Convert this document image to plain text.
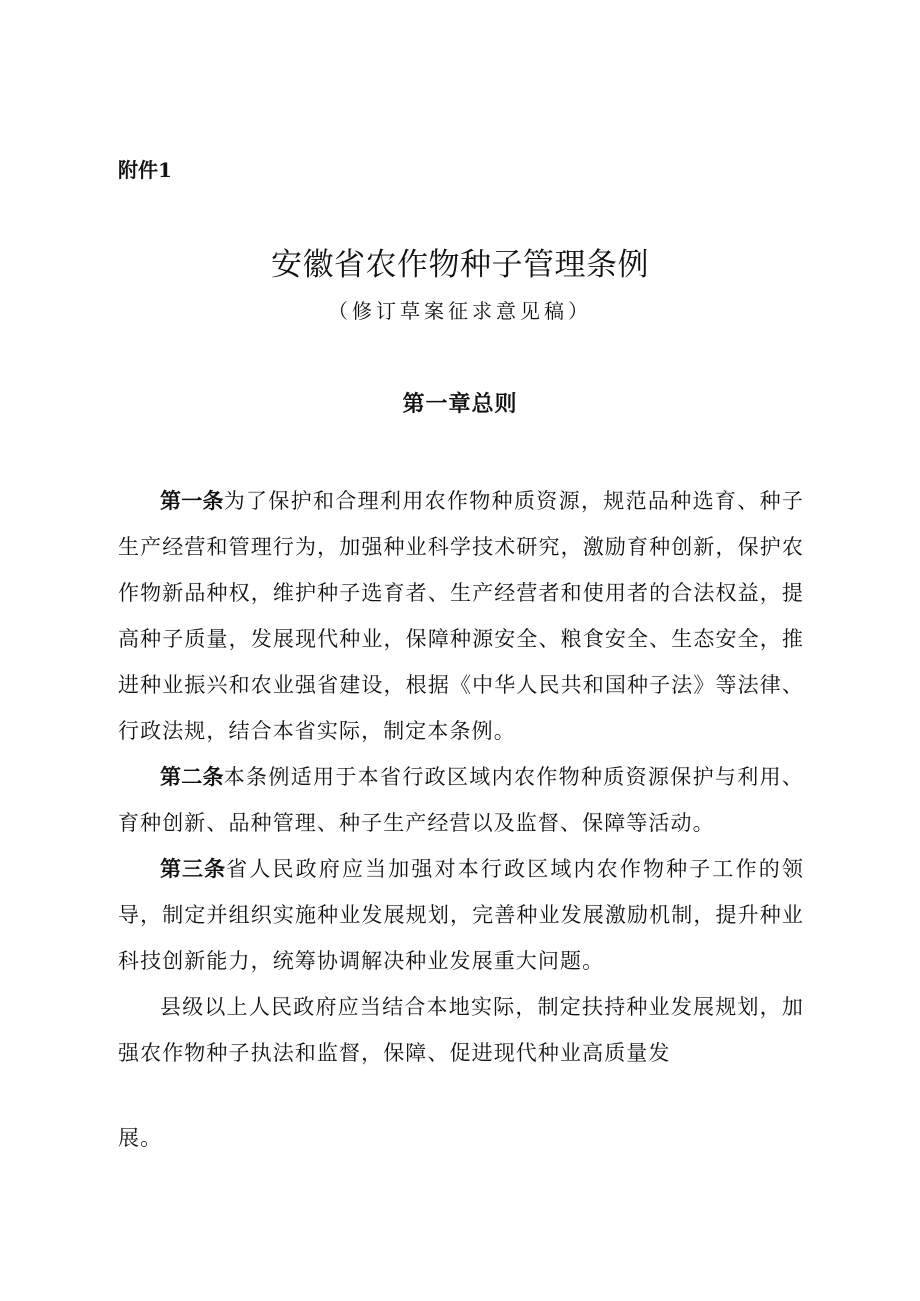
附件1
安徽省农作物种子管理条例
（修订草案征求意见稿）
第一章总则

第一条为了保护和合理利用农作物种质资源，规范品种选育、种子生产经营和管理行为，加强种业科学技术研究，激励育种创新，保护农作物新品种权，维护种子选育者、生产经营者和使用者的合法权益，提高种子质量，发展现代种业，保障种源安全、粮食安全、生态安全，推进种业振兴和农业强省建设，根据《中华人民共和国种子法》等法律、行政法规，结合本省实际，制定本条例。

第二条本条例适用于本省行政区域内农作物种质资源保护与利用、育种创新、品种管理、种子生产经营以及监督、保障等活动。

第三条省人民政府应当加强对本行政区域内农作物种子工作的领导，制定并组织实施种业发展规划，完善种业发展激励机制，提升种业科技创新能力，统筹协调解决种业发展重大问题。

县级以上人民政府应当结合本地实际，制定扶持种业发展规划，加强农作物种子执法和监督，保障、促进现代种业高质量发

展。
